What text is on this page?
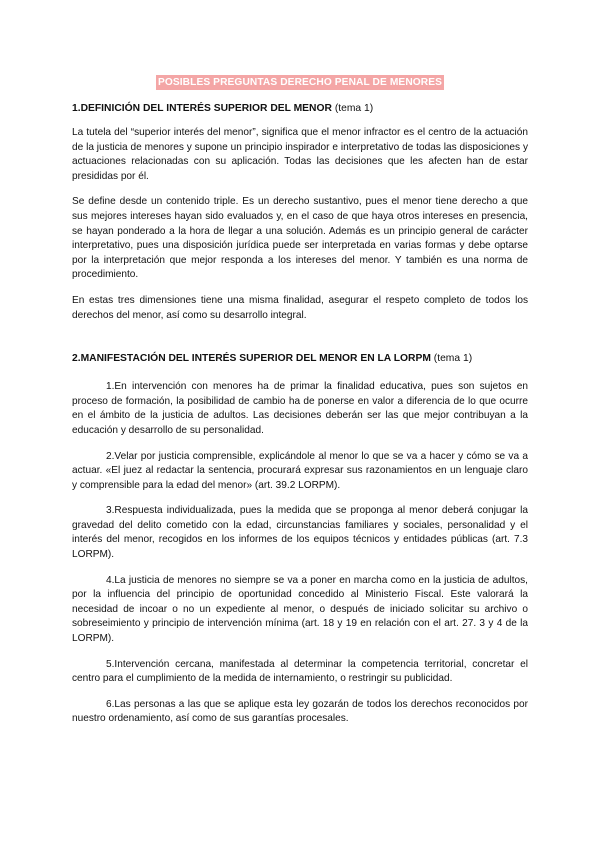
POSIBLES PREGUNTAS DERECHO PENAL DE MENORES
1.DEFINICIÓN DEL INTERÉS SUPERIOR DEL MENOR (tema 1)

La tutela del “superior interés del menor”, significa que el menor infractor es el centro de la actuación de la justicia de menores y supone un principio inspirador e interpretativo de todas las disposiciones y actuaciones relacionadas con su aplicación. Todas las decisiones que les afecten han de estar presididas por él.

Se define desde un contenido triple. Es un derecho sustantivo, pues el menor tiene derecho a que sus mejores intereses hayan sido evaluados y, en el caso de que haya otros intereses en presencia, se hayan ponderado a la hora de llegar a una solución. Además es un principio general de carácter interpretativo, pues una disposición jurídica puede ser interpretada en varias formas y debe optarse por la interpretación que mejor responda a los intereses del menor. Y también es una norma de procedimiento.

En estas tres dimensiones tiene una misma finalidad, asegurar el respeto completo de todos los derechos del menor, así como su desarrollo integral.

2.MANIFESTACIÓN DEL INTERÉS SUPERIOR DEL MENOR EN LA LORPM (tema 1)

1.En intervención con menores ha de primar la finalidad educativa, pues son sujetos en proceso de formación, la posibilidad de cambio ha de ponerse en valor a diferencia de lo que ocurre en el ámbito de la justicia de adultos. Las decisiones deberán ser las que mejor contribuyan a la educación y desarrollo de su personalidad.

2.Velar por justicia comprensible, explicándole al menor lo que se va a hacer y cómo se va a actuar. «El juez al redactar la sentencia, procurará expresar sus razonamientos en un lenguaje claro y comprensible para la edad del menor» (art. 39.2 LORPM).

3.Respuesta individualizada, pues la medida que se proponga al menor deberá conjugar la gravedad del delito cometido con la edad, circunstancias familiares y sociales, personalidad y el interés del menor, recogidos en los informes de los equipos técnicos y entidades públicas (art. 7.3 LORPM).

4.La justicia de menores no siempre se va a poner en marcha como en la justicia de adultos, por la influencia del principio de oportunidad concedido al Ministerio Fiscal. Este valorará la necesidad de incoar o no un expediente al menor, o después de iniciado solicitar su archivo o sobreseimiento y principio de intervención mínima (art. 18 y 19 en relación con el art. 27. 3 y 4 de la LORPM).

5.Intervención cercana, manifestada al determinar la competencia territorial, concretar el centro para el cumplimiento de la medida de internamiento, o restringir su publicidad.

6.Las personas a las que se aplique esta ley gozarán de todos los derechos reconocidos por nuestro ordenamiento, así como de sus garantías procesales.
